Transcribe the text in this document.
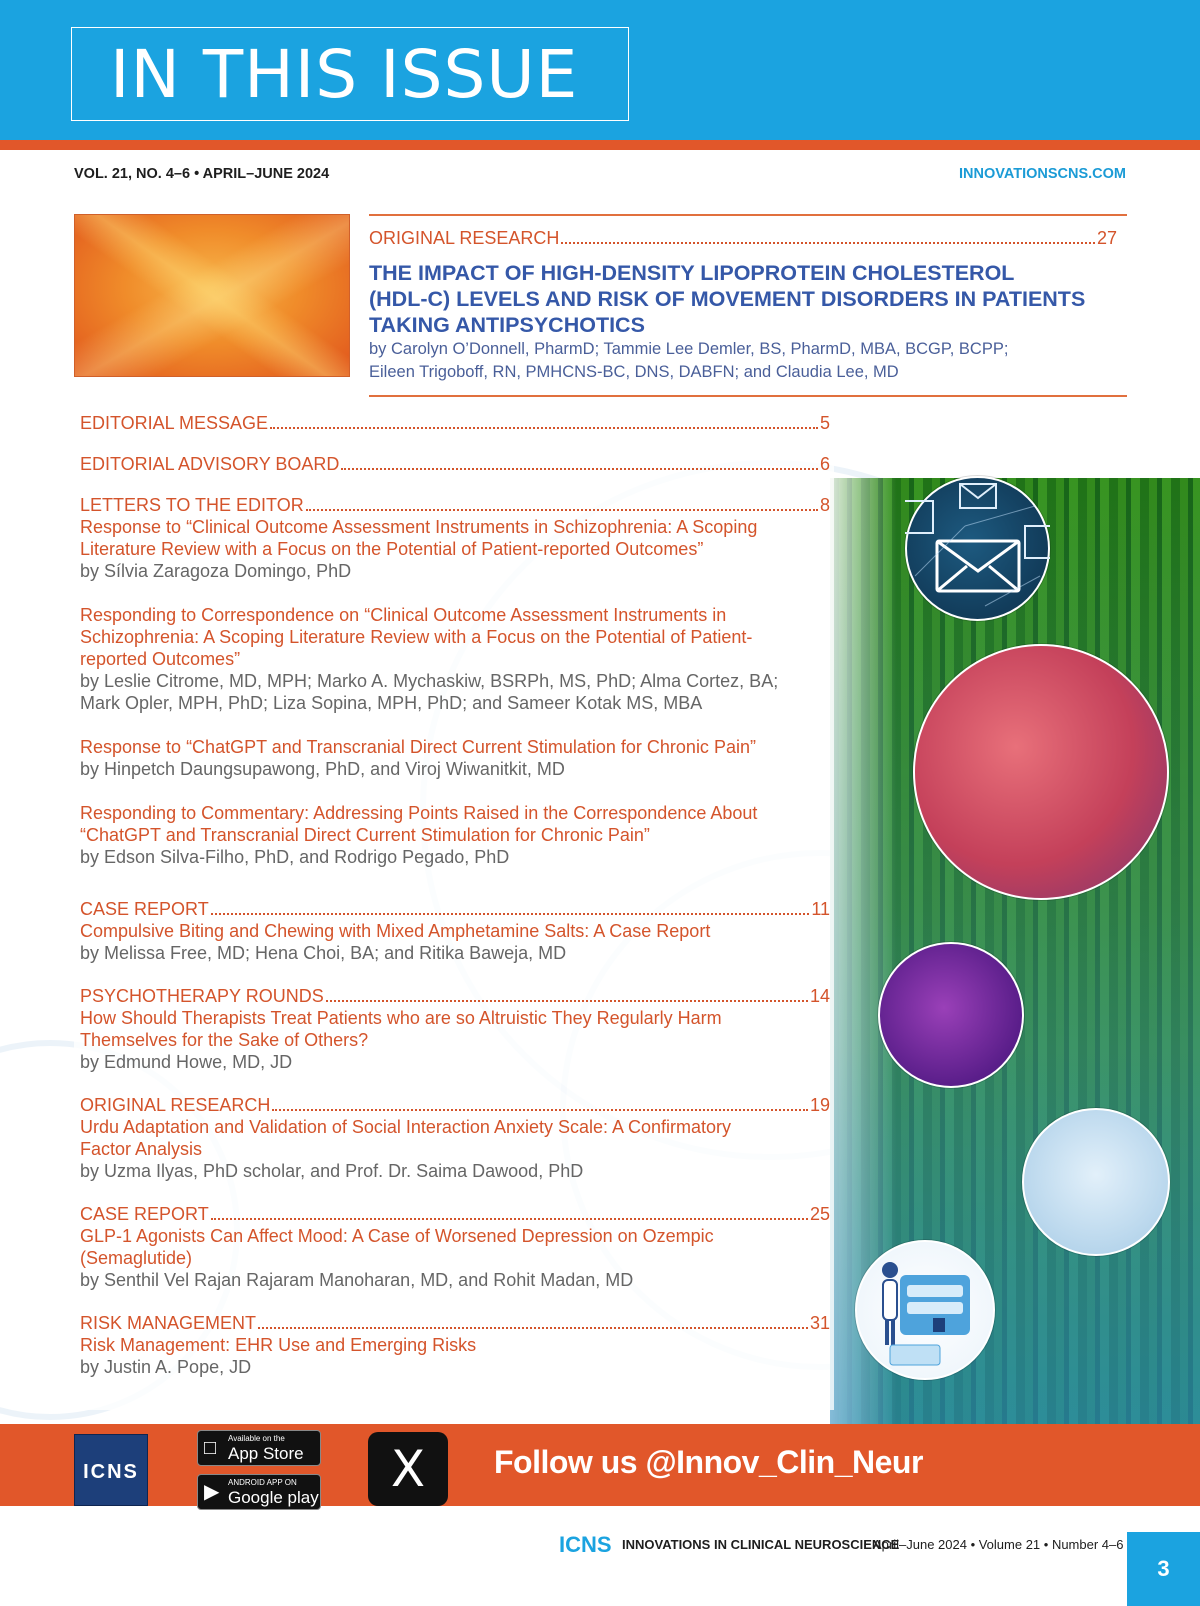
IN THIS ISSUE
VOL. 21, NO. 4–6 • APRIL–JUNE 2024	INNOVATIONSCNS.COM
ORIGINAL RESEARCH	27
THE IMPACT OF HIGH-DENSITY LIPOPROTEIN CHOLESTEROL
(HDL-C) LEVELS AND RISK OF MOVEMENT DISORDERS IN PATIENTS
TAKING ANTIPSYCHOTICS
by Carolyn O’Donnell, PharmD; Tammie Lee Demler, BS, PharmD, MBA, BCGP, BCPP;
Eileen Trigoboff, RN, PMHCNS-BC, DNS, DABFN; and Claudia Lee, MD
EDITORIAL MESSAGE	5
EDITORIAL ADVISORY BOARD	6
LETTERS TO THE EDITOR	8
Response to “Clinical Outcome Assessment Instruments in Schizophrenia: A Scoping
Literature Review with a Focus on the Potential of Patient-reported Outcomes”
by Sílvia Zaragoza Domingo, PhD
Responding to Correspondence on “Clinical Outcome Assessment Instruments in
Schizophrenia: A Scoping Literature Review with a Focus on the Potential of Patient-
reported Outcomes”
by Leslie Citrome, MD, MPH; Marko A. Mychaskiw, BSRPh, MS, PhD; Alma Cortez, BA;
Mark Opler, MPH, PhD; Liza Sopina, MPH, PhD; and Sameer Kotak MS, MBA
Response to “ChatGPT and Transcranial Direct Current Stimulation for Chronic Pain”
by Hinpetch Daungsupawong, PhD, and Viroj Wiwanitkit, MD
Responding to Commentary: Addressing Points Raised in the Correspondence About
“ChatGPT and Transcranial Direct Current Stimulation for Chronic Pain”
by Edson Silva-Filho, PhD, and Rodrigo Pegado, PhD
CASE REPORT	11
Compulsive Biting and Chewing with Mixed Amphetamine Salts: A Case Report
by Melissa Free, MD; Hena Choi, BA; and Ritika Baweja, MD
PSYCHOTHERAPY ROUNDS	14
How Should Therapists Treat Patients who are so Altruistic They Regularly Harm
Themselves for the Sake of Others?
by Edmund Howe, MD, JD
ORIGINAL RESEARCH	19
Urdu Adaptation and Validation of Social Interaction Anxiety Scale: A Confirmatory
Factor Analysis
by Uzma Ilyas, PhD scholar, and Prof. Dr. Saima Dawood, PhD
CASE REPORT	25
GLP-1 Agonists Can Affect Mood: A Case of Worsened Depression on Ozempic
(Semaglutide)
by Senthil Vel Rajan Rajaram Manoharan, MD, and Rohit Madan, MD
RISK MANAGEMENT	31
Risk Management: EHR Use and Emerging Risks
by Justin A. Pope, JD
ICNS
□ Available on the
App Store
▶ ANDROID APP ON
Google play	X	Follow us @Innov_Clin_Neur
ICNS INNOVATIONS IN CLINICAL NEUROSCIENCE
April–June 2024 • Volume 21 • Number 4–6
3
